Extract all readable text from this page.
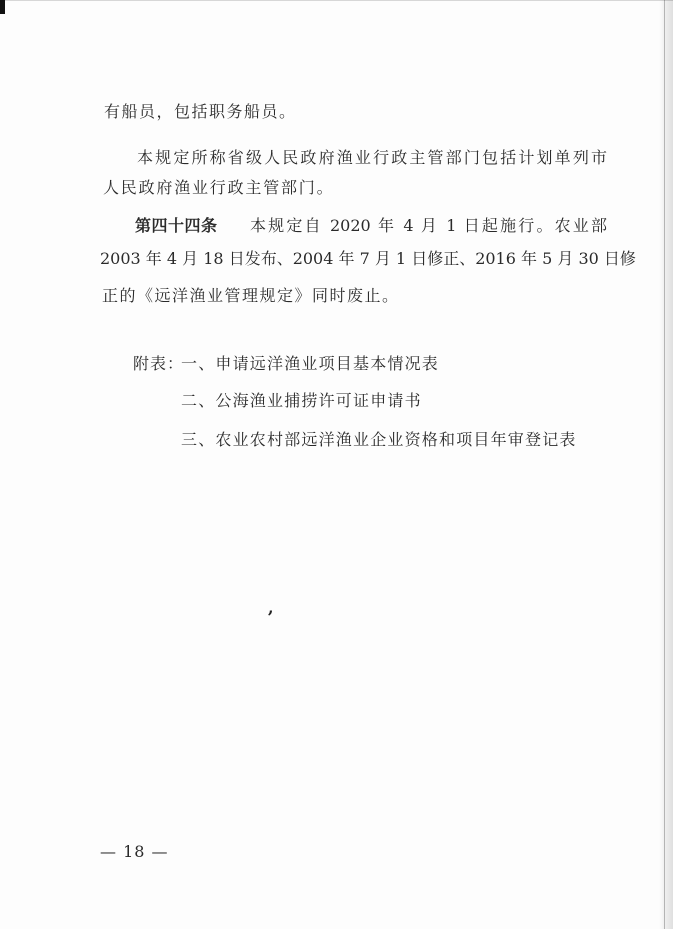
有船员，包括职务船员。
本规定所称省级人民政府渔业行政主管部门包括计划单列市
人民政府渔业行政主管部门。
第四十四条 本规定自 2020 年 4 月 1 日起施行。农业部
2003 年 4 月 18 日发布、2004 年 7 月 1 日修正、2016 年 5 月 30 日修
正的《远洋渔业管理规定》同时废止。
附表：
一、申请远洋渔业项目基本情况表
二、公海渔业捕捞许可证申请书
三、农业农村部远洋渔业企业资格和项目年审登记表
,
— 18 —
